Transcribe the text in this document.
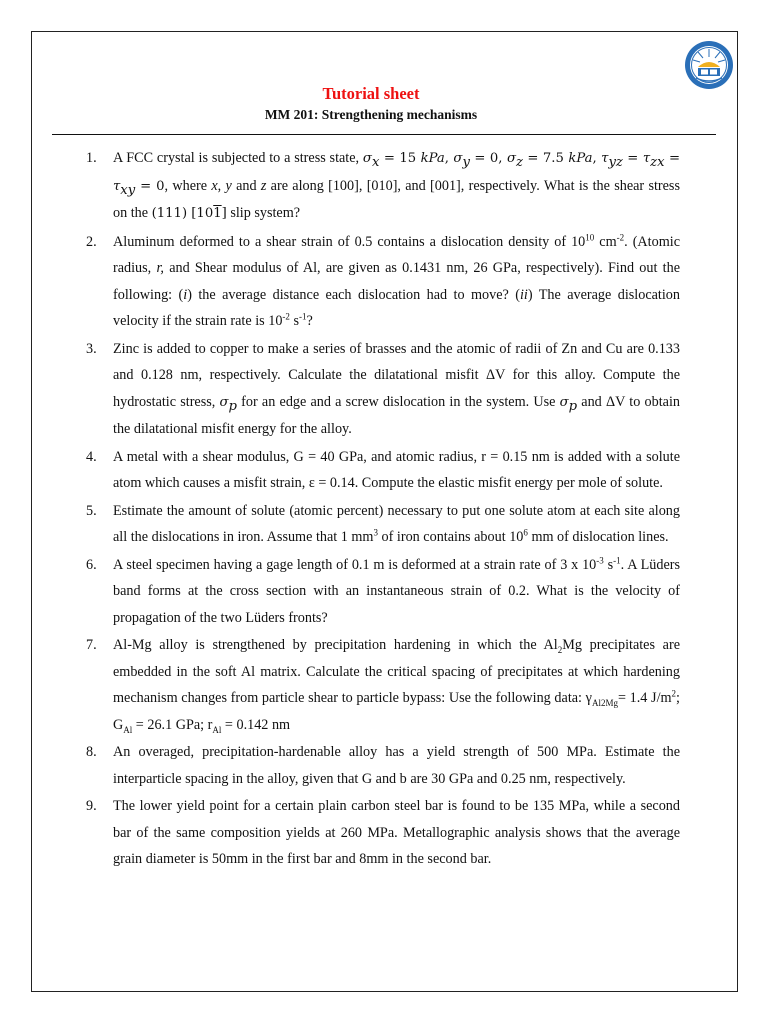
Tutorial sheet
MM 201: Strengthening mechanisms
1. A FCC crystal is subjected to a stress state, $\sigma_x = 15$ kPa, $\sigma_y = 0$, $\sigma_z = 7.5$ kPa, $\tau_{yz} = \tau_{zx} = \tau_{xy} = 0$, where x, y and z are along [100], [010], and [001], respectively. What is the shear stress on the (111) [101] slip system?
2. Aluminum deformed to a shear strain of 0.5 contains a dislocation density of $10^{10}$ $cm^{-2}$. (Atomic radius, r, and Shear modulus of Al, are given as 0.1431 nm, 26 GPa, respectively). Find out the following: (i) the average distance each dislocation had to move? (ii) The average dislocation velocity if the strain rate is $10^{-2}$ $s^{-1}$?
3. Zinc is added to copper to make a series of brasses and the atomic of radii of Zn and Cu are 0.133 and 0.128 nm, respectively. Calculate the dilatational misfit ΔV for this alloy. Compute the hydrostatic stress, $\sigma_p$ for an edge and a screw dislocation in the system. Use $\sigma_p$ and ΔV to obtain the dilatational misfit energy for the alloy.
4. A metal with a shear modulus, G = 40 GPa, and atomic radius, r = 0.15 nm is added with a solute atom which causes a misfit strain, ε = 0.14. Compute the elastic misfit energy per mole of solute.
5. Estimate the amount of solute (atomic percent) necessary to put one solute atom at each site along all the dislocations in iron. Assume that 1 $mm^3$ of iron contains about $10^6$ mm of dislocation lines.
6. A steel specimen having a gage length of 0.1 m is deformed at a strain rate of 3 x $10^{-3}$ $s^{-1}$. A Lüders band forms at the cross section with an instantaneous strain of 0.2. What is the velocity of propagation of the two Lüders fronts?
7. Al-Mg alloy is strengthened by precipitation hardening in which the $Al_2Mg$ precipitates are embedded in the soft Al matrix. Calculate the critical spacing of precipitates at which hardening mechanism changes from particle shear to particle bypass: Use the following data: $\gamma_{Al2Mg}= 1.4$ $J/m^2$; $G_{Al} = 26.1$ GPa; $r_{Al} = 0.142$ nm
8. An overaged, precipitation-hardenable alloy has a yield strength of 500 MPa. Estimate the interparticle spacing in the alloy, given that G and b are 30 GPa and 0.25 nm, respectively.
9. The lower yield point for a certain plain carbon steel bar is found to be 135 MPa, while a second bar of the same composition yields at 260 MPa. Metallographic analysis shows that the average grain diameter is 50mm in the first bar and 8mm in the second bar.
